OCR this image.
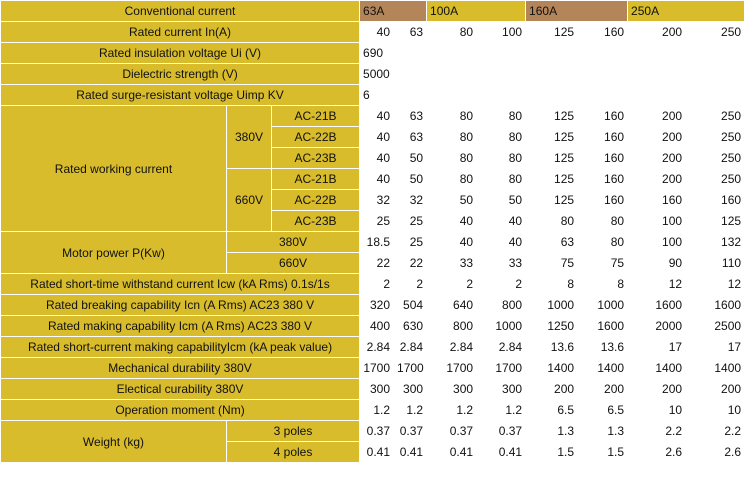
Conventional current			63A		100A		160A		250A	
Rated current In(A)			40	63	80	100	125	160	200	250
Rated insulation voltage Ui (V)			690							
Dielectric strength (V)			5000							
Rated surge-resistant voltage Uimp KV			6							
Rated working current	380V	AC-21B	40	63	80	80	125	160	200	250
		AC-22B	40	63	80	80	125	160	200	250
		AC-23B	40	50	80	80	125	160	200	250
	660V	AC-21B	40	50	80	80	125	160	200	250
		AC-22B	32	32	50	50	125	160	160	160
		AC-23B	25	25	40	40	80	80	100	125
Motor power P(Kw)	380V		18.5	25	40	40	63	80	100	132
	660V		22	22	33	33	75	75	90	110
Rated short-time withstand current Icw (kA Rms) 0.1s/1s			2	2	2	2	8	8	12	12
Rated breaking capability Icn (A Rms) AC23 380 V			320	504	640	800	1000	1000	1600	1600
Rated making capability Icm (A Rms) AC23 380 V			400	630	800	1000	1250	1600	2000	2500
Rated short-current making capabilityIcm (kA peak value)			2.84	2.84	2.84	2.84	13.6	13.6	17	17
Mechanical durability 380V			1700	1700	1700	1700	1400	1400	1400	1400
Electical curability 380V			300	300	300	300	200	200	200	200
Operation moment (Nm)			1.2	1.2	1.2	1.2	6.5	6.5	10	10
Weight (kg)	3 poles		0.37	0.37	0.37	0.37	1.3	1.3	2.2	2.2
	4 poles		0.41	0.41	0.41	0.41	1.5	1.5	2.6	2.6
